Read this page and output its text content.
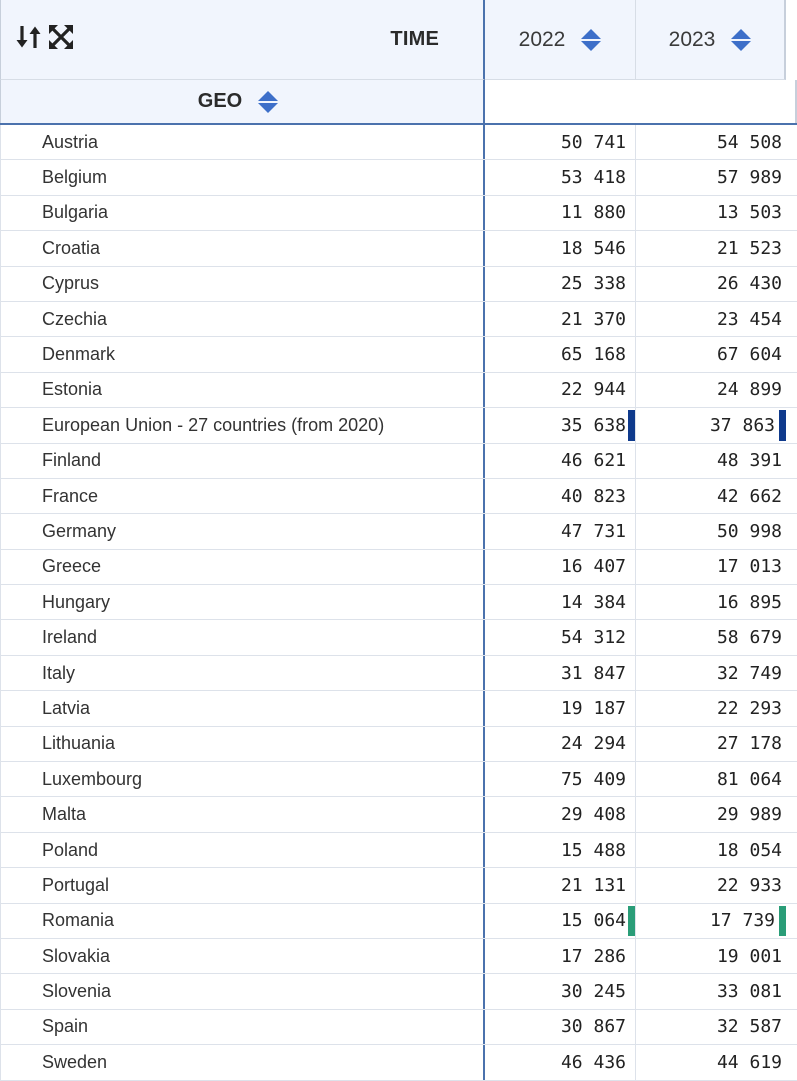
TIME	2022	2023
GEO
Austria	50 741	54 508
Belgium	53 418	57 989
Bulgaria	11 880	13 503
Croatia	18 546	21 523
Cyprus	25 338	26 430
Czechia	21 370	23 454
Denmark	65 168	67 604
Estonia	22 944	24 899
European Union - 27 countries (from 2020)	35 638	37 863
Finland	46 621	48 391
France	40 823	42 662
Germany	47 731	50 998
Greece	16 407	17 013
Hungary	14 384	16 895
Ireland	54 312	58 679
Italy	31 847	32 749
Latvia	19 187	22 293
Lithuania	24 294	27 178
Luxembourg	75 409	81 064
Malta	29 408	29 989
Poland	15 488	18 054
Portugal	21 131	22 933
Romania	15 064	17 739
Slovakia	17 286	19 001
Slovenia	30 245	33 081
Spain	30 867	32 587
Sweden	46 436	44 619
